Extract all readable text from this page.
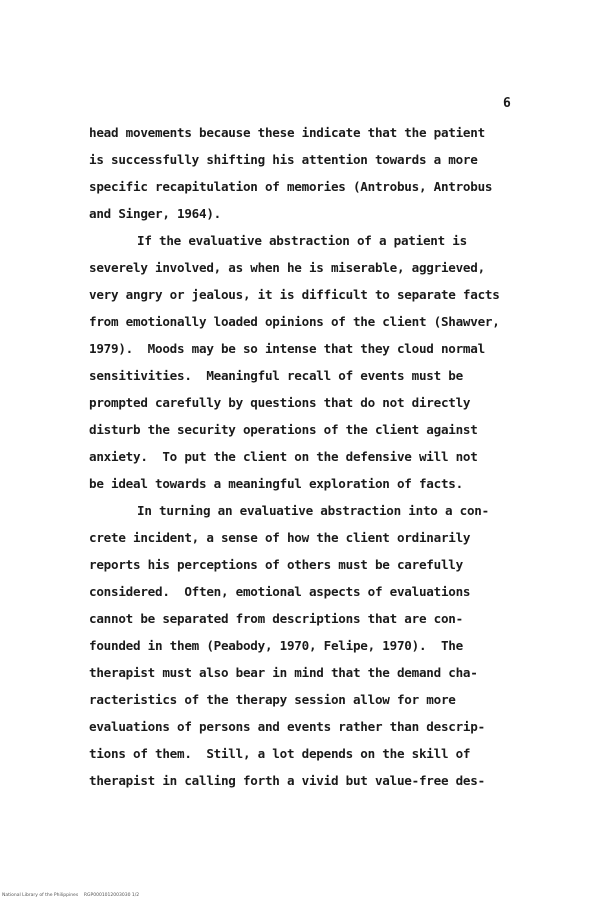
6
head movements because these indicate that the patient
is successfully shifting his attention towards a more
specific recapitulation of memories (Antrobus, Antrobus
and Singer, 1964).
If the evaluative abstraction of a patient is
severely involved, as when he is miserable, aggrieved,
very angry or jealous, it is difficult to separate facts
from emotionally loaded opinions of the client (Shawver,
1979).  Moods may be so intense that they cloud normal
sensitivities.  Meaningful recall of events must be
prompted carefully by questions that do not directly
disturb the security operations of the client against
anxiety.  To put the client on the defensive will not
be ideal towards a meaningful exploration of facts.
In turning an evaluative abstraction into a con-
crete incident, a sense of how the client ordinarily
reports his perceptions of others must be carefully
considered.  Often, emotional aspects of evaluations
cannot be separated from descriptions that are con-
founded in them (Peabody, 1970, Felipe, 1970).  The
therapist must also bear in mind that the demand cha-
racteristics of the therapy session allow for more
evaluations of persons and events rather than descrip-
tions of them.  Still, a lot depends on the skill of
therapist in calling forth a vivid but value-free des-
National Library of the Philippines    RGP0001012003030 1/2
